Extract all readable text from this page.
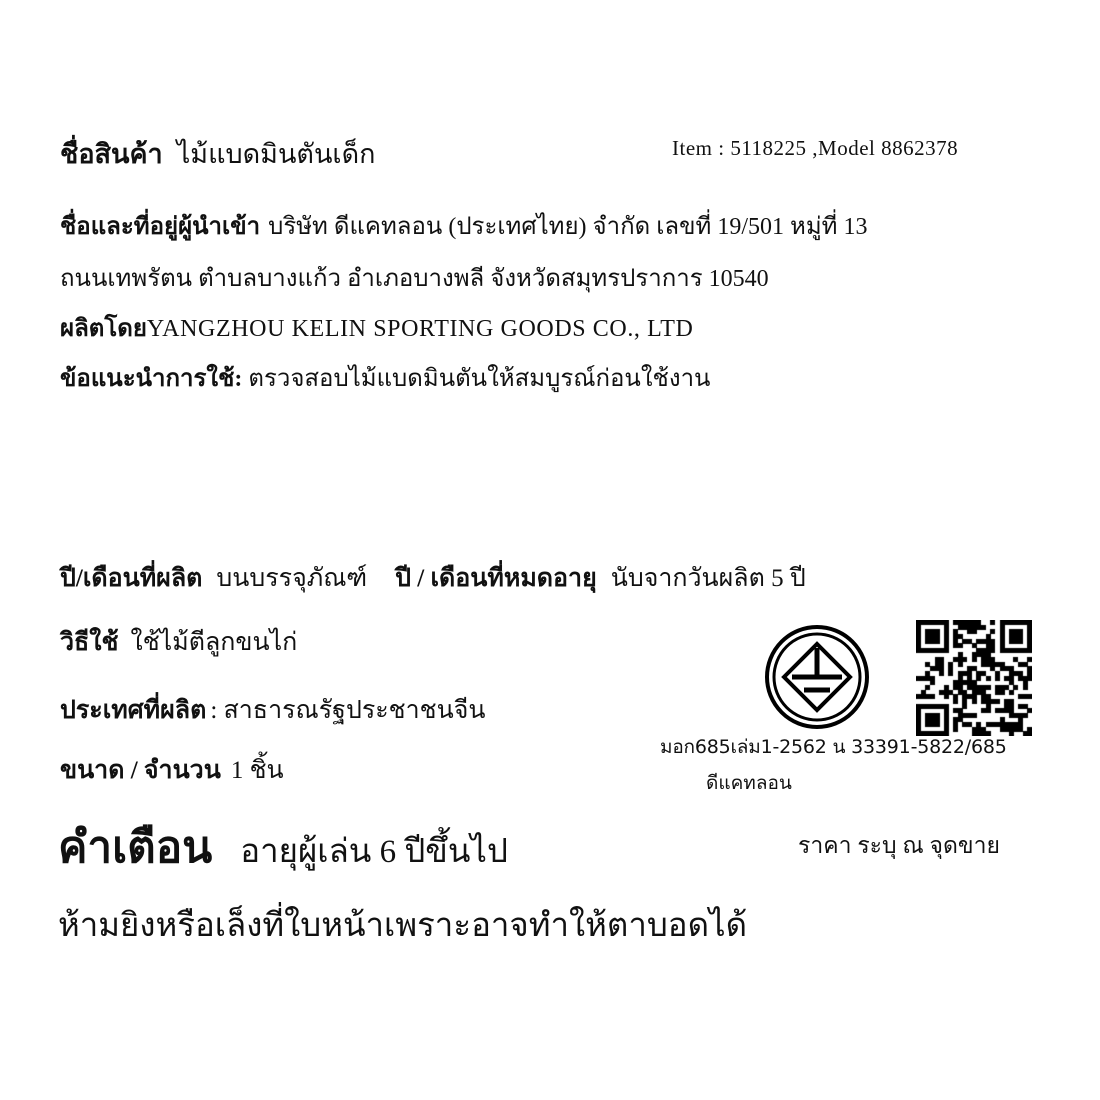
ชื่อสินค้า ไม้แบดมินตันเด็ก	Item : 5118225 ,Model 8862378
ชื่อและที่อยู่ผู้นำเข้า บริษัท ดีแคทลอน (ประเทศไทย) จำกัด เลขที่ 19/501 หมู่ที่ 13
ถนนเทพรัตน ตำบลบางแก้ว อำเภอบางพลี จังหวัดสมุทรปราการ 10540
ผลิตโดยYANGZHOU KELIN SPORTING GOODS CO., LTD
ข้อแนะนำการใช้: ตรวจสอบไม้แบดมินตันให้สมบูรณ์ก่อนใช้งาน
ปี/เดือนที่ผลิต บนบรรจุภัณฑ์ ปี / เดือนที่หมดอายุ นับจากวันผลิต 5 ปี
วิธีใช้ ใช้ไม้ตีลูกขนไก่
ประเทศที่ผลิต : สาธารณรัฐประชาชนจีน
ขนาด / จำนวน 1 ชิ้น
คำเตือน อายุผู้เล่น 6 ปีขึ้นไป	ราคา ระบุ ณ จุดขาย
ห้ามยิงหรือเล็งที่ใบหน้าเพราะอาจทำให้ตาบอดได้
มอก685เล่ม1-2562 น 33391-5822/685
ดีแคทลอน
